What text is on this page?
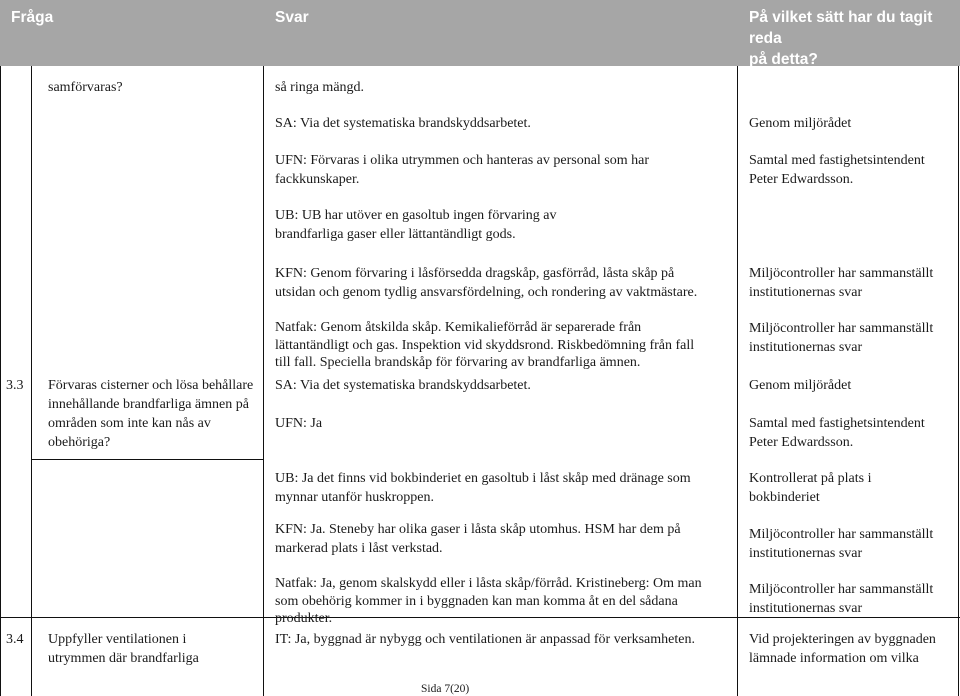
Fråga	Svar	På vilket sätt har du tagit reda
på detta?
samförvaras?
3.3 Förvaras cisterner och lösa behållare
innehållande brandfarliga ämnen på
områden som inte kan nås av
obehöriga?
3.4 Uppfyller ventilationen i
utrymmen där brandfarliga
så ringa mängd.
SA: Via det systematiska brandskyddsarbetet.
UFN: Förvaras i olika utrymmen och hanteras av personal som har
fackkunskaper.
UB: UB har utöver en gasoltub ingen förvaring av
brandfarliga gaser eller lättantändligt gods.
KFN: Genom förvaring i låsförsedda dragskåp, gasförråd, låsta skåp på
utsidan och genom tydlig ansvarsfördelning, och rondering av vaktmästare.
Natfak: Genom åtskilda skåp. Kemikalieförråd är separerade från
lättantändligt och gas. Inspektion vid skyddsrond. Riskbedömning från fall
till fall. Speciella brandskåp för förvaring av brandfarliga ämnen.
SA: Via det systematiska brandskyddsarbetet.
UFN: Ja
UB: Ja det finns vid bokbinderiet en gasoltub i låst skåp med dränage som
mynnar utanför huskroppen.
KFN: Ja. Steneby har olika gaser i låsta skåp utomhus. HSM har dem på
markerad plats i låst verkstad.
Natfak: Ja, genom skalskydd eller i låsta skåp/förråd. Kristineberg: Om man
som obehörig kommer in i byggnaden kan man komma åt en del sådana
produkter.
IT: Ja, byggnad är nybygg och ventilationen är anpassad för verksamheten.
Genom miljörådet
Samtal med fastighetsintendent
Peter Edwardsson.
Miljöcontroller har sammanställt
institutionernas svar
Miljöcontroller har sammanställt
institutionernas svar
Genom miljörådet
Samtal med fastighetsintendent
Peter Edwardsson.
Kontrollerat på plats i
bokbinderiet
Miljöcontroller har sammanställt
institutionernas svar
Miljöcontroller har sammanställt
institutionernas svar
Vid projekteringen av byggnaden
lämnade information om vilka
Sida 7(20)
